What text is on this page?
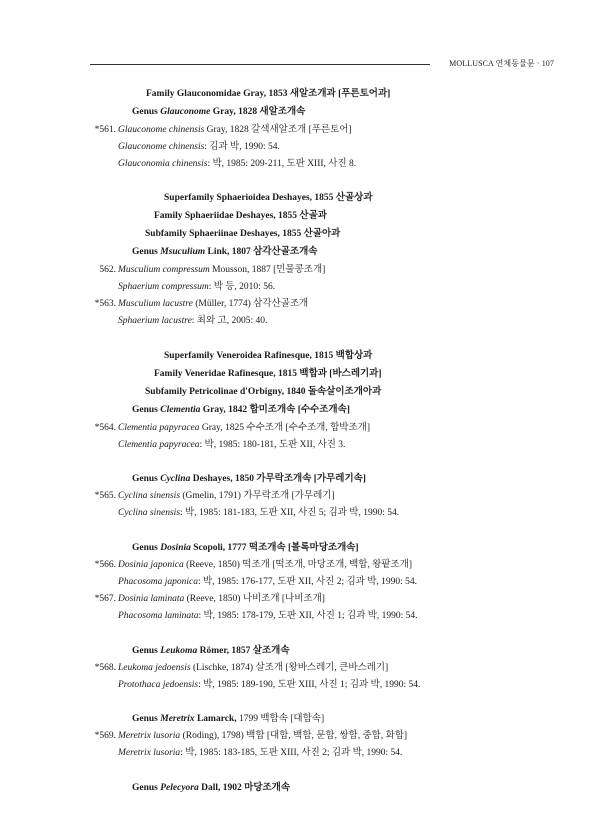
MOLLUSCA 연체동물문 · 107
Family Glauconomidae Gray, 1853 새알조개과 [푸른토어과]
Genus Glauconome Gray, 1828 새알조개속
*561. Glauconome chinensis Gray, 1828 갈색새알조개 [푸른토어]
Glauconome chinensis: 김과 박, 1990: 54.
Glauconomia chinensis: 박, 1985: 209-211, 도판 XIII, 사진 8.
Superfamily Sphaerioidea Deshayes, 1855 산골상과
Family Sphaeriidae Deshayes, 1855 산골과
Subfamily Sphaeriinae Deshayes, 1855 산골아과
Genus Msuculium Link, 1807 삼각산골조개속
562. Musculium compressum Mousson, 1887 [민물콩조개]
Sphaerium compressum: 박 등, 2010: 56.
*563. Musculium lacustre (Müller, 1774) 삼각산골조개
Sphaerium lacustre: 최와 고, 2005: 40.
Superfamily Veneroidea Rafinesque, 1815 백합상과
Family Veneridae Rafinesque, 1815 백합과 [바스레기과]
Subfamily Petricolinae d'Orbigny, 1840 돌속살이조개아과
Genus Clementia Gray, 1842 합미조개속 [수수조개속]
*564. Clementia papyracea Gray, 1825 수수조개 [수수조개, 합박조개]
Clementia papyracea: 박, 1985: 180-181, 도판 XII, 사진 3.
Genus Cyclina Deshayes, 1850 가무락조개속 [가무레기속]
*565. Cyclina sinensis (Gmelin, 1791) 가무락조개 [가무레기]
Cyclina sinensis: 박, 1985: 181-183, 도판 XII, 사진 5; 김과 박, 1990: 54.
Genus Dosinia Scopoli, 1777 떡조개속 [볼록마당조개속]
*566. Dosinia japonica (Reeve, 1850) 떡조개 [떡조개, 마당조개, 백합, 왕팥조개]
Phacosoma japonica: 박, 1985: 176-177, 도판 XII, 사진 2; 김과 박, 1990: 54.
*567. Dosinia laminata (Reeve, 1850) 나비조개 [나비조개]
Phacosoma laminata: 박, 1985: 178-179, 도판 XII, 사진 1; 김과 박, 1990: 54.
Genus Leukoma Römer, 1857 살조개속
*568. Leukoma jedoensis (Lischke, 1874) 살조개 [왕바스레기, 큰바스레기]
Protothaca jedoensis: 박, 1985: 189-190, 도판 XIII, 사진 1; 김과 박, 1990: 54.
Genus Meretrix Lamarck, 1799 백합속 [대합속]
*569. Meretrix lusoria (Roding), 1798) 백합 [대합, 백합, 문합, 쌍합, 중합, 화합]
Meretrix lusoria: 박, 1985: 183-185, 도판 XIII, 사진 2; 김과 박, 1990: 54.
Genus Pelecyora Dall, 1902 마당조개속
